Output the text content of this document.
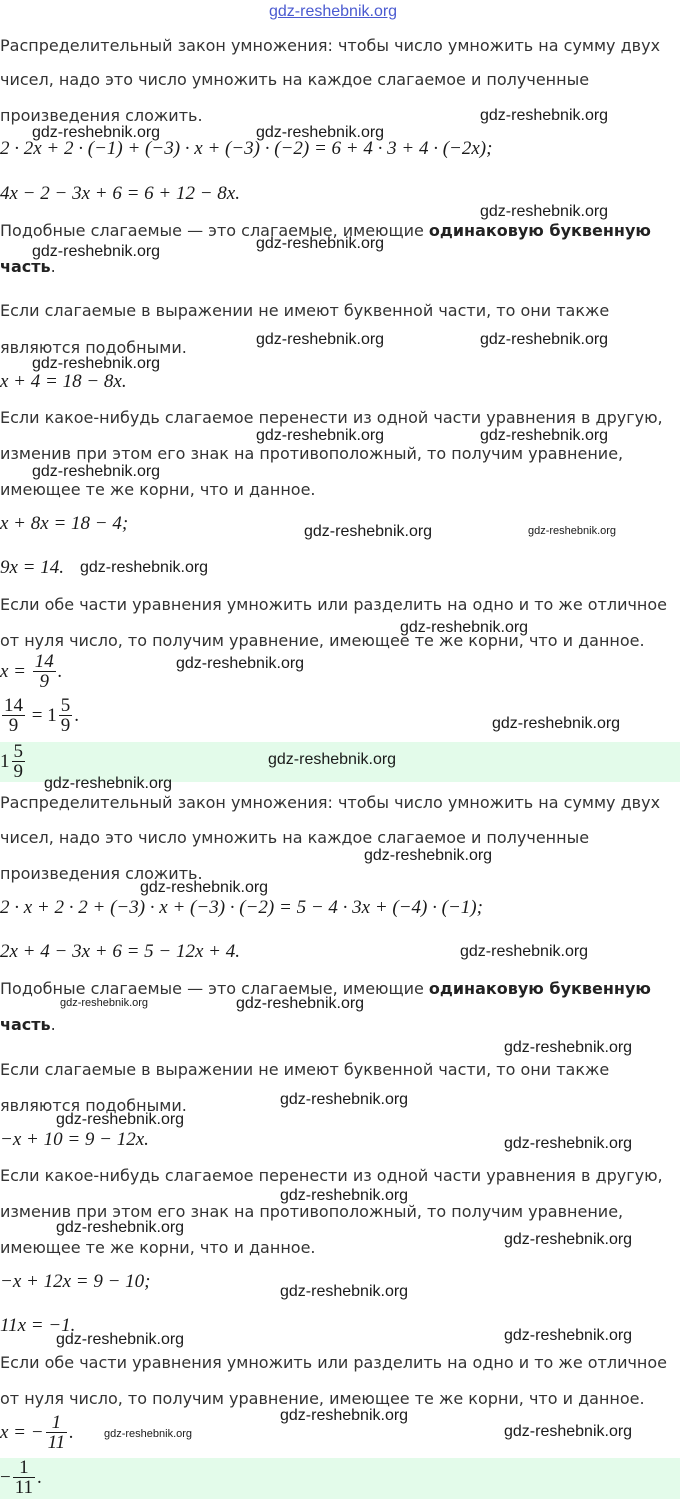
gdz-reshebnik.org
Распределительный закон умножения: чтобы число умножить на сумму двух
чисел, надо это число умножить на каждое слагаемое и полученные
произведения сложить.
2 · 2x + 2 · (−1) + (−3) · x + (−3) · (−2) = 6 + 4 · 3 + 4 · (−2x);
4x − 2 − 3x + 6 = 6 + 12 − 8x.
Подобные слагаемые — это слагаемые, имеющие одинаковую буквенную
часть.
Если слагаемые в выражении не имеют буквенной части, то они также
являются подобными.
x + 4 = 18 − 8x.
Если какое-нибудь слагаемое перенести из одной части уравнения в другую,
изменив при этом его знак на противоположный, то получим уравнение,
имеющее те же корни, что и данное.
x + 8x = 18 − 4;
9x = 14.
Если обе части уравнения умножить или разделить на одно и то же отличное
от нуля число, то получим уравнение, имеющее те же корни, что и данное.
$x = \frac{14}{9}$ .
$\frac{14}{9} = 1 \frac{5}{9}$ .
$1 \frac{5}{9}$
Распределительный закон умножения: чтобы число умножить на сумму двух
чисел, надо это число умножить на каждое слагаемое и полученные
произведения сложить.
2 · x + 2 · 2 + (−3) · x + (−3) · (−2) = 5 − 4 · 3x + (−4) · (−1);
2x + 4 − 3x + 6 = 5 − 12x + 4.
Подобные слагаемые — это слагаемые, имеющие одинаковую буквенную
часть.
Если слагаемые в выражении не имеют буквенной части, то они также
являются подобными.
−x + 10 = 9 − 12x.
Если какое-нибудь слагаемое перенести из одной части уравнения в другую,
изменив при этом его знак на противоположный, то получим уравнение,
имеющее те же корни, что и данное.
−x + 12x = 9 − 10;
11x = −1.
Если обе части уравнения умножить или разделить на одно и то же отличное
от нуля число, то получим уравнение, имеющее те же корни, что и данное.
x = − $\frac{1}{11}$ .
− $\frac{1}{11}$ .
gdz-reshebnik.org
gdz-reshebnik.org	gdz-reshebnik.org
gdz-reshebnik.org
gdz-reshebnik.org
gdz-reshebnik.org
gdz-reshebnik.org	gdz-reshebnik.org
gdz-reshebnik.org
gdz-reshebnik.org	gdz-reshebnik.org
gdz-reshebnik.org
gdz-reshebnik.org	gdz-reshebnik.org
gdz-reshebnik.org
gdz-reshebnik.org
gdz-reshebnik.org
gdz-reshebnik.org
gdz-reshebnik.org
gdz-reshebnik.org
gdz-reshebnik.org
gdz-reshebnik.org
gdz-reshebnik.org
gdz-reshebnik.org	gdz-reshebnik.org
gdz-reshebnik.org
gdz-reshebnik.org
gdz-reshebnik.org
gdz-reshebnik.org
gdz-reshebnik.org
gdz-reshebnik.org
gdz-reshebnik.org
gdz-reshebnik.org
gdz-reshebnik.org	gdz-reshebnik.org
gdz-reshebnik.org
gdz-reshebnik.org	gdz-reshebnik.org
